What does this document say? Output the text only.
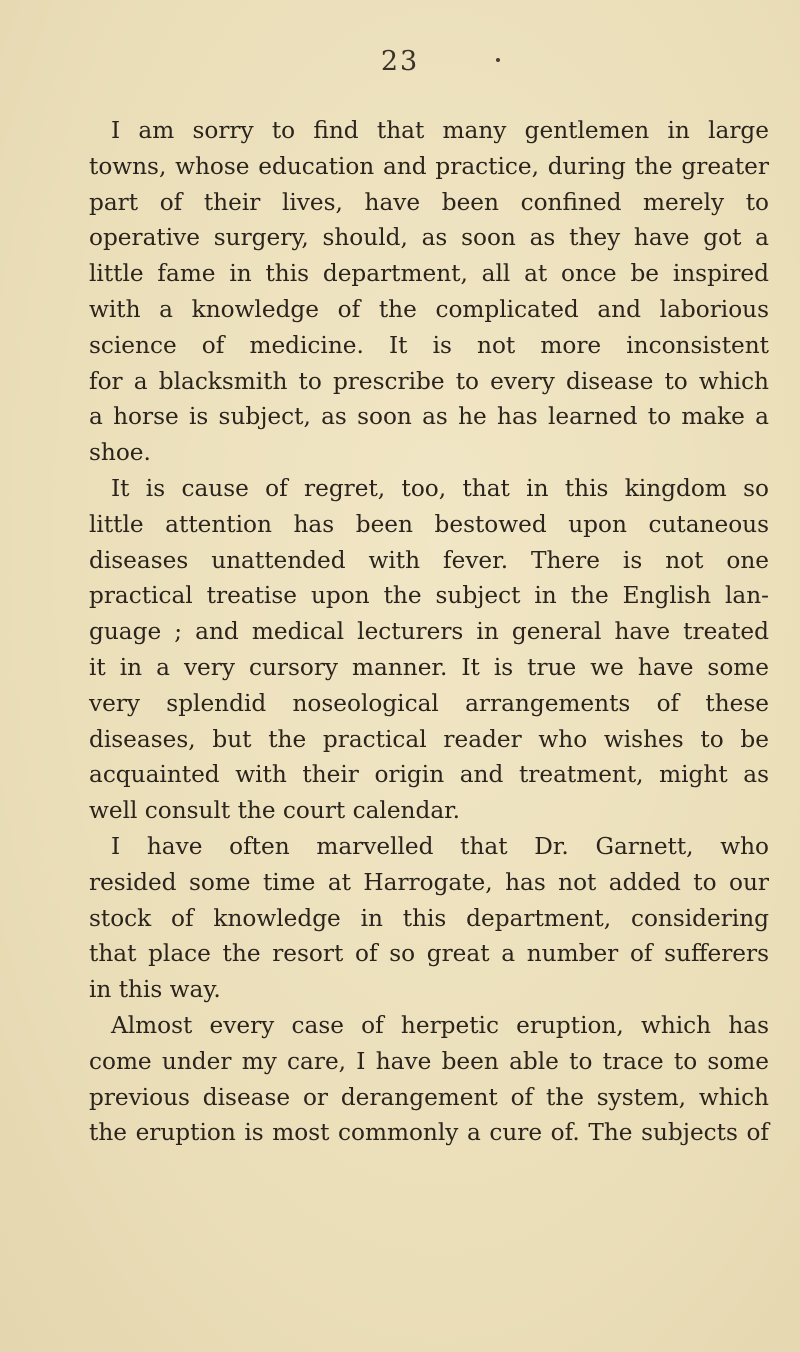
23
I am sorry to find that many gentlemen in large
towns, whose education and practice, during the greater
part of their lives, have been confined merely to
operative surgery, should, as soon as they have got a
little fame in this department, all at once be inspired
with a knowledge of the complicated and laborious
science of medicine. It is not more inconsistent
for a blacksmith to prescribe to every disease to which
a horse is subject, as soon as he has learned to make a
shoe.
It is cause of regret, too, that in this kingdom so
little attention has been bestowed upon cutaneous
diseases unattended with fever. There is not one
practical treatise upon the subject in the English lan-
guage ; and medical lecturers in general have treated
it in a very cursory manner. It is true we have some
very splendid noseological arrangements of these
diseases, but the practical reader who wishes to be
acquainted with their origin and treatment, might as
well consult the court calendar.
I have often marvelled that Dr. Garnett, who
resided some time at Harrogate, has not added to our
stock of knowledge in this department, considering
that place the resort of so great a number of sufferers
in this way.
Almost every case of herpetic eruption, which has
come under my care, I have been able to trace to some
previous disease or derangement of the system, which
the eruption is most commonly a cure of. The subjects of
